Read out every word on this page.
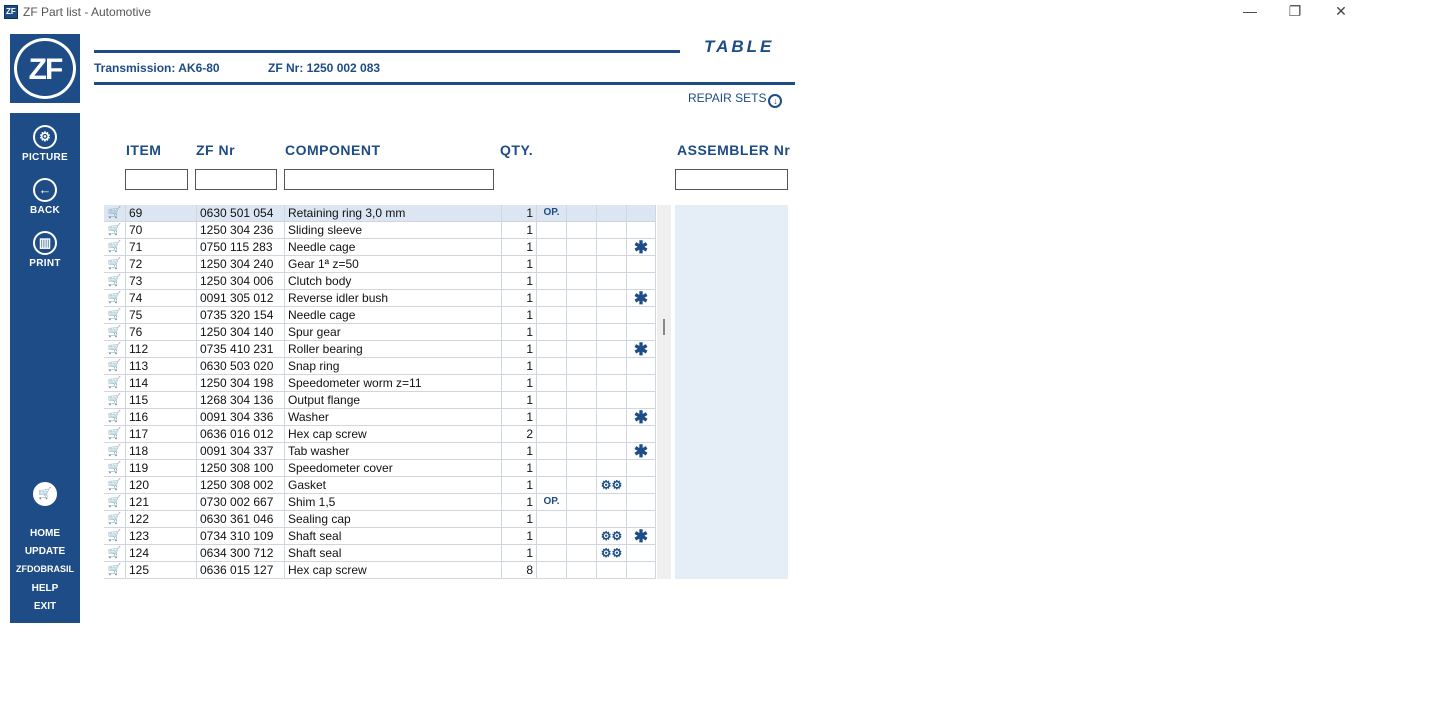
ZF ZF Part list - Automotive	—	❐	✕
ZF
⚙
PICTURE
←
BACK
▥
PRINT
🛒
HOME
UPDATE
ZFDOBRASIL
HELP
EXIT
TABLE
Transmission: AK6-80	ZF Nr: 1250 002 083
REPAIR SETS ↓
ITEM ZF Nr	COMPONENT	QTY.	ASSEMBLER Nr
🛒 69	0630 501 054	Retaining ring 3,0 mm	1	OP.
🛒 70	1250 304 236	Sliding sleeve	1
🛒 71	0750 115 283	Needle cage	1	✱
🛒 72	1250 304 240	Gear 1ª z=50	1
🛒 73	1250 304 006	Clutch body	1
🛒 74	0091 305 012	Reverse idler bush	1	✱
🛒 75	0735 320 154	Needle cage	1
🛒 76	1250 304 140	Spur gear	1
🛒 112	0735 410 231	Roller bearing	1	✱
🛒 113	0630 503 020	Snap ring	1
🛒 114	1250 304 198	Speedometer worm z=11	1
🛒 115	1268 304 136	Output flange	1
🛒 116	0091 304 336	Washer	1	✱
🛒 117	0636 016 012	Hex cap screw	2
🛒 118	0091 304 337	Tab washer	1	✱
🛒 119	1250 308 100	Speedometer cover	1
🛒 120	1250 308 002	Gasket	1	⚙⚙
🛒 121	0730 002 667	Shim 1,5	1	OP.
🛒 122	0630 361 046	Sealing cap	1
🛒 123	0734 310 109	Shaft seal	1	⚙⚙ ✱
🛒 124	0634 300 712	Shaft seal	1	⚙⚙
🛒 125	0636 015 127	Hex cap screw	8
